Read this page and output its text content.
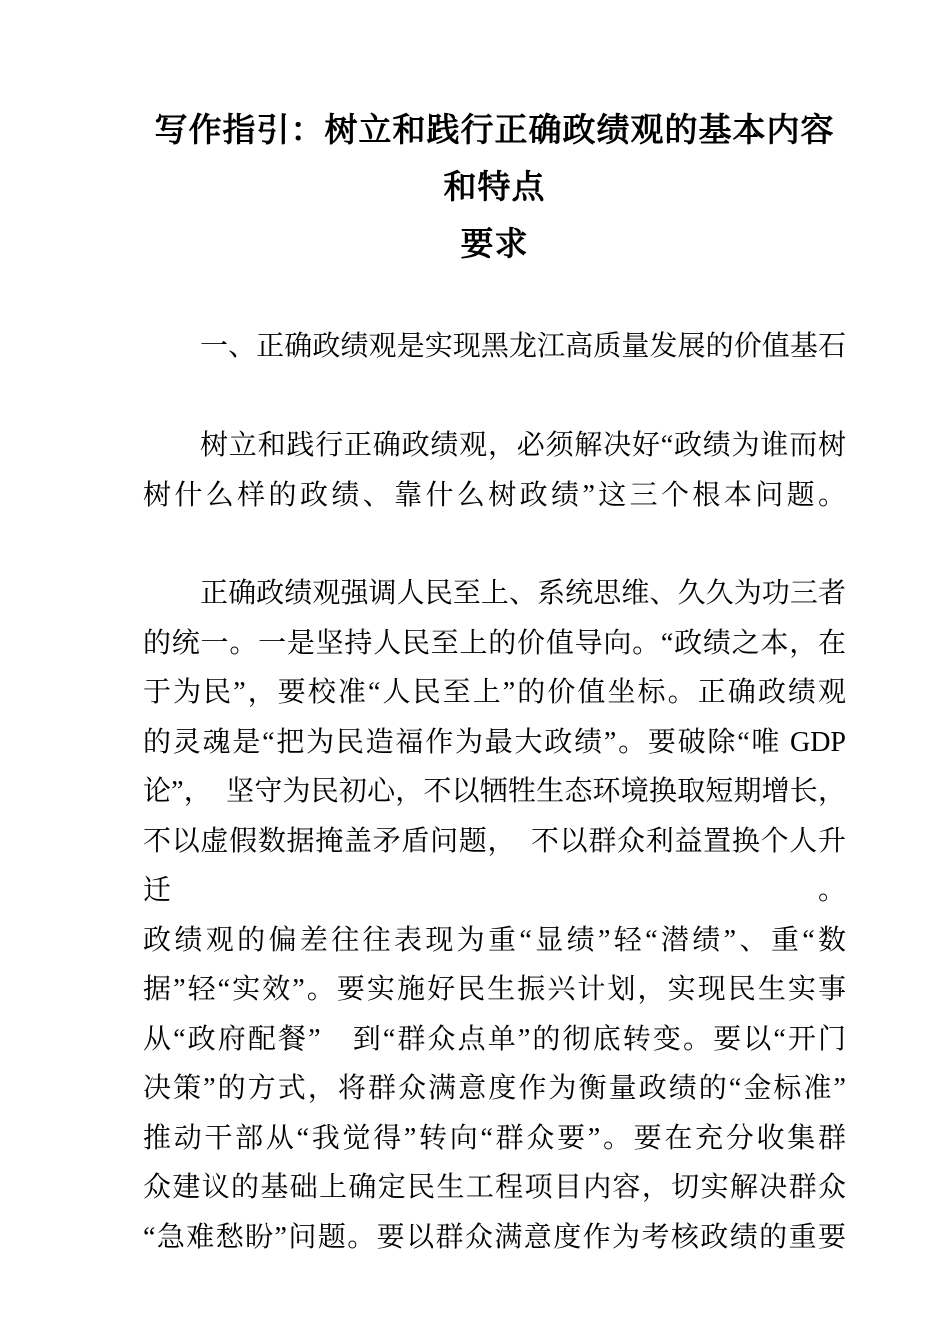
写作指引：树立和践行正确政绩观的基本内容和特点
要求
一、正确政绩观是实现黑龙江高质量发展的价值基石
树立和践行正确政绩观，必须解决好“政绩为谁而树
树什么样的政绩、靠什么树政绩”这三个根本问题。
正确政绩观强调人民至上、系统思维、久久为功三者
的统一。一是坚持人民至上的价值导向。“政绩之本，在
于为民”，要校准“人民至上”的价值坐标。正确政绩观
的灵魂是“把为民造福作为最大政绩”。要破除“唯 GDP
论”，　坚守为民初心，不以牺牲生态环境换取短期增长，
不以虚假数据掩盖矛盾问题，　不以群众利益置换个人升迁。
政绩观的偏差往往表现为重“显绩”轻“潜绩”、重“数
据”轻“实效”。要实施好民生振兴计划，实现民生实事
从“政府配餐”　到“群众点单”的彻底转变。要以“开门
决策”的方式，将群众满意度作为衡量政绩的“金标准”
推动干部从“我觉得”转向“群众要”。要在充分收集群
众建议的基础上确定民生工程项目内容，切实解决群众
“急难愁盼”问题。要以群众满意度作为考核政绩的重要
